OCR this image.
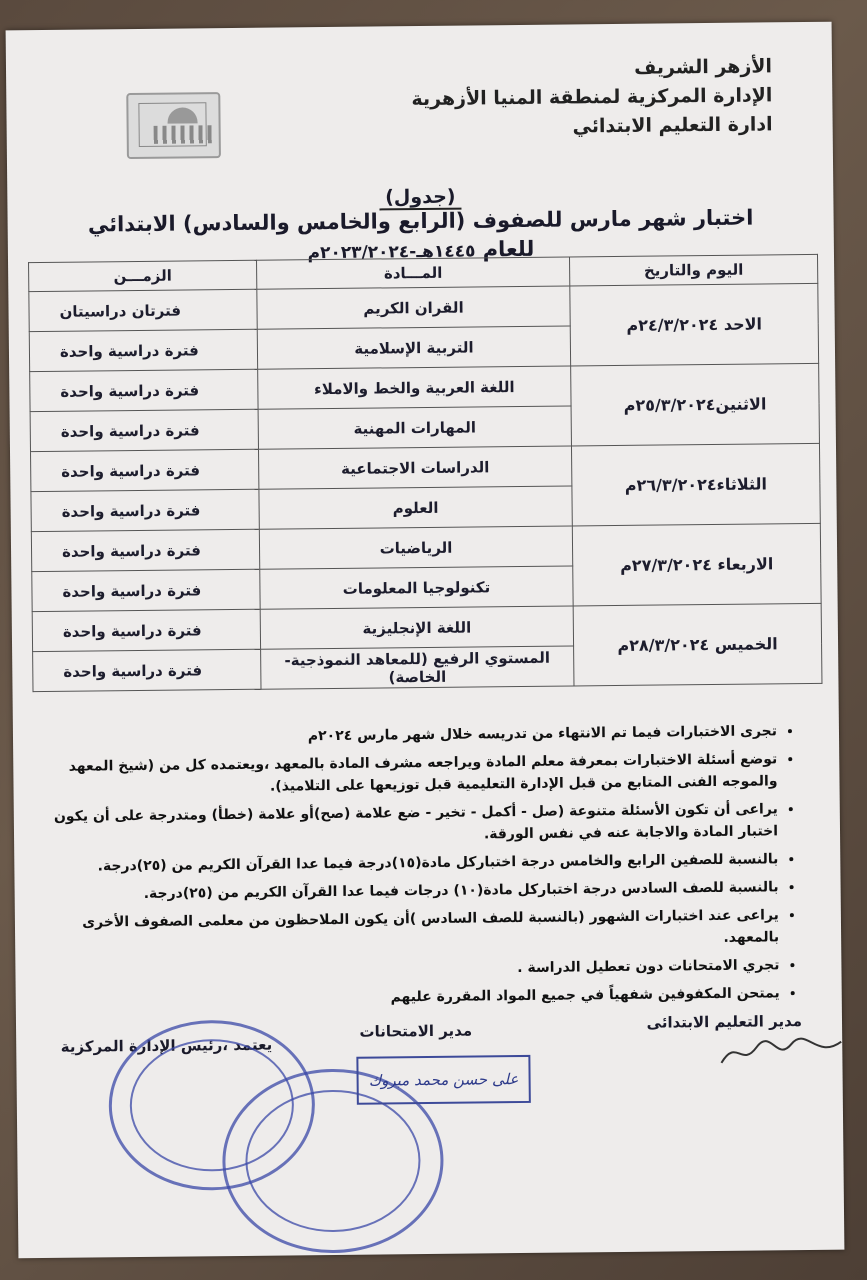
الأزهر الشريف
الإدارة المركزية لمنطقة المنيا الأزهرية
ادارة التعليم الابتدائي
(جدول)
اختبار شهر مارس للصفوف (الرابع والخامس والسادس) الابتدائي
للعام ١٤٤٥هـ-٢٠٢٣/٢٠٢٤م
اليوم والتاريخ	المـــادة	الزمـــن
الاحد ٢٤/٣/٢٠٢٤م	القران الكريم	فترتان دراسيتان
	التربية الإسلامية	فترة دراسية واحدة
الاثنين٢٥/٣/٢٠٢٤م	اللغة العربية والخط والاملاء	فترة دراسية واحدة
	المهارات المهنية	فترة دراسية واحدة
الثلاثاء٢٦/٣/٢٠٢٤م	الدراسات الاجتماعية	فترة دراسية واحدة
	العلوم	فترة دراسية واحدة
الاربعاء ٢٧/٣/٢٠٢٤م	الرياضيات	فترة دراسية واحدة
	تكنولوجيا المعلومات	فترة دراسية واحدة
الخميس ٢٨/٣/٢٠٢٤م	اللغة الإنجليزية	فترة دراسية واحدة
	المستوي الرفيع (للمعاهد النموذجية-الخاصة)	فترة دراسية واحدة
• تجرى الاختبارات فيما تم الانتهاء من تدريسه خلال شهر مارس ٢٠٢٤م
• توضع أسئلة الاختبارات بمعرفة معلم المادة ويراجعه مشرف المادة بالمعهد ،ويعتمده كل من (شيخ المعهد والموجه الفنى المتابع من قبل الإدارة التعليمية قبل توزيعها على التلاميذ).
• يراعى أن تكون الأسئلة متنوعة (صل - أكمل - تخير - ضع علامة (صح)أو علامة (خطأ) ومتدرجة على أن يكون اختبار المادة والاجابة عنه في نفس الورقة.
• بالنسبة للصفين الرابع والخامس درجة اختباركل مادة(١٥)درجة فيما عدا القرآن الكريم من (٢٥)درجة.
• بالنسبة للصف السادس درجة اختباركل مادة(١٠) درجات فيما عدا القرآن الكريم من (٢٥)درجة.
• يراعى عند اختبارات الشهور (بالنسبة للصف السادس )أن يكون الملاحظون من معلمى الصفوف الأخرى بالمعهد.
• تجري الامتحانات دون تعطيل الدراسة .
• يمتحن المكفوفين شفهياً في جميع المواد المقررة عليهم
مدير التعليم الابتدائى
مدير الامتحانات
يعتمد ،رئيس الإدارة المركزية
على حسن محمد مبروك
